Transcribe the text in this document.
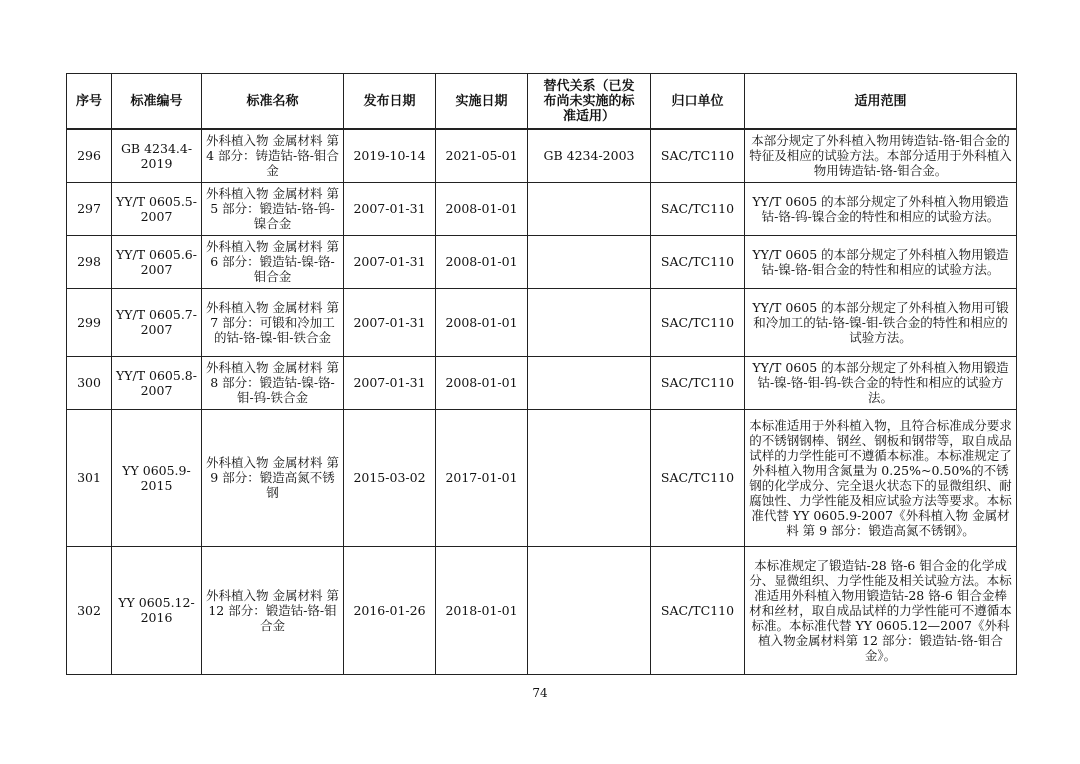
序号	标准编号	标准名称	发布日期	实施日期	替代关系（已发布尚未实施的标准适用）	归口单位	适用范围
296	GB 4234.4-2019	外科植入物 金属材料 第 4 部分：铸造钴-铬-钼合金	2019-10-14	2021-05-01	GB 4234-2003	SAC/TC110	本部分规定了外科植入物用铸造钴-铬-钼合金的特征及相应的试验方法。本部分适用于外科植入物用铸造钴-铬-钼合金。
297	YY/T 0605.5-2007	外科植入物 金属材料 第 5 部分：锻造钴-铬-钨-镍合金	2007-01-31	2008-01-01		SAC/TC110	YY/T 0605 的本部分规定了外科植入物用锻造钴-铬-钨-镍合金的特性和相应的试验方法。
298	YY/T 0605.6-2007	外科植入物 金属材料 第 6 部分：锻造钴-镍-铬-钼合金	2007-01-31	2008-01-01		SAC/TC110	YY/T 0605 的本部分规定了外科植入物用锻造钴-镍-铬-钼合金的特性和相应的试验方法。
299	YY/T 0605.7-2007	外科植入物 金属材料 第 7 部分：可锻和冷加工的钴-铬-镍-钼-铁合金	2007-01-31	2008-01-01		SAC/TC110	YY/T 0605 的本部分规定了外科植入物用可锻和冷加工的钴-铬-镍-钼-铁合金的特性和相应的试验方法。
300	YY/T 0605.8-2007	外科植入物 金属材料 第 8 部分：锻造钴-镍-铬-钼-钨-铁合金	2007-01-31	2008-01-01		SAC/TC110	YY/T 0605 的本部分规定了外科植入物用锻造钴-镍-铬-钼-钨-铁合金的特性和相应的试验方法。
301	YY 0605.9-2015	外科植入物 金属材料 第 9 部分：锻造高氮不锈钢	2015-03-02	2017-01-01		SAC/TC110	本标准适用于外科植入物，且符合标准成分要求的不锈钢钢棒、钢丝、钢板和钢带等，取自成品试样的力学性能可不遵循本标准。本标准规定了外科植入物用含氮量为 0.25%~0.50%的不锈钢的化学成分、完全退火状态下的显微组织、耐腐蚀性、力学性能及相应试验方法等要求。本标准代替 YY 0605.9-2007《外科植入物 金属材料 第 9 部分：锻造高氮不锈钢》。
302	YY 0605.12-2016	外科植入物 金属材料 第 12 部分：锻造钴-铬-钼合金	2016-01-26	2018-01-01		SAC/TC110	本标准规定了锻造钴-28 铬-6 钼合金的化学成分、显微组织、力学性能及相关试验方法。本标准适用外科植入物用锻造钴-28 铬-6 钼合金棒材和丝材，取自成品试样的力学性能可不遵循本标准。本标准代替 YY 0605.12—2007《外科植入物金属材料第 12 部分：锻造钴-铬-钼合金》。
74
